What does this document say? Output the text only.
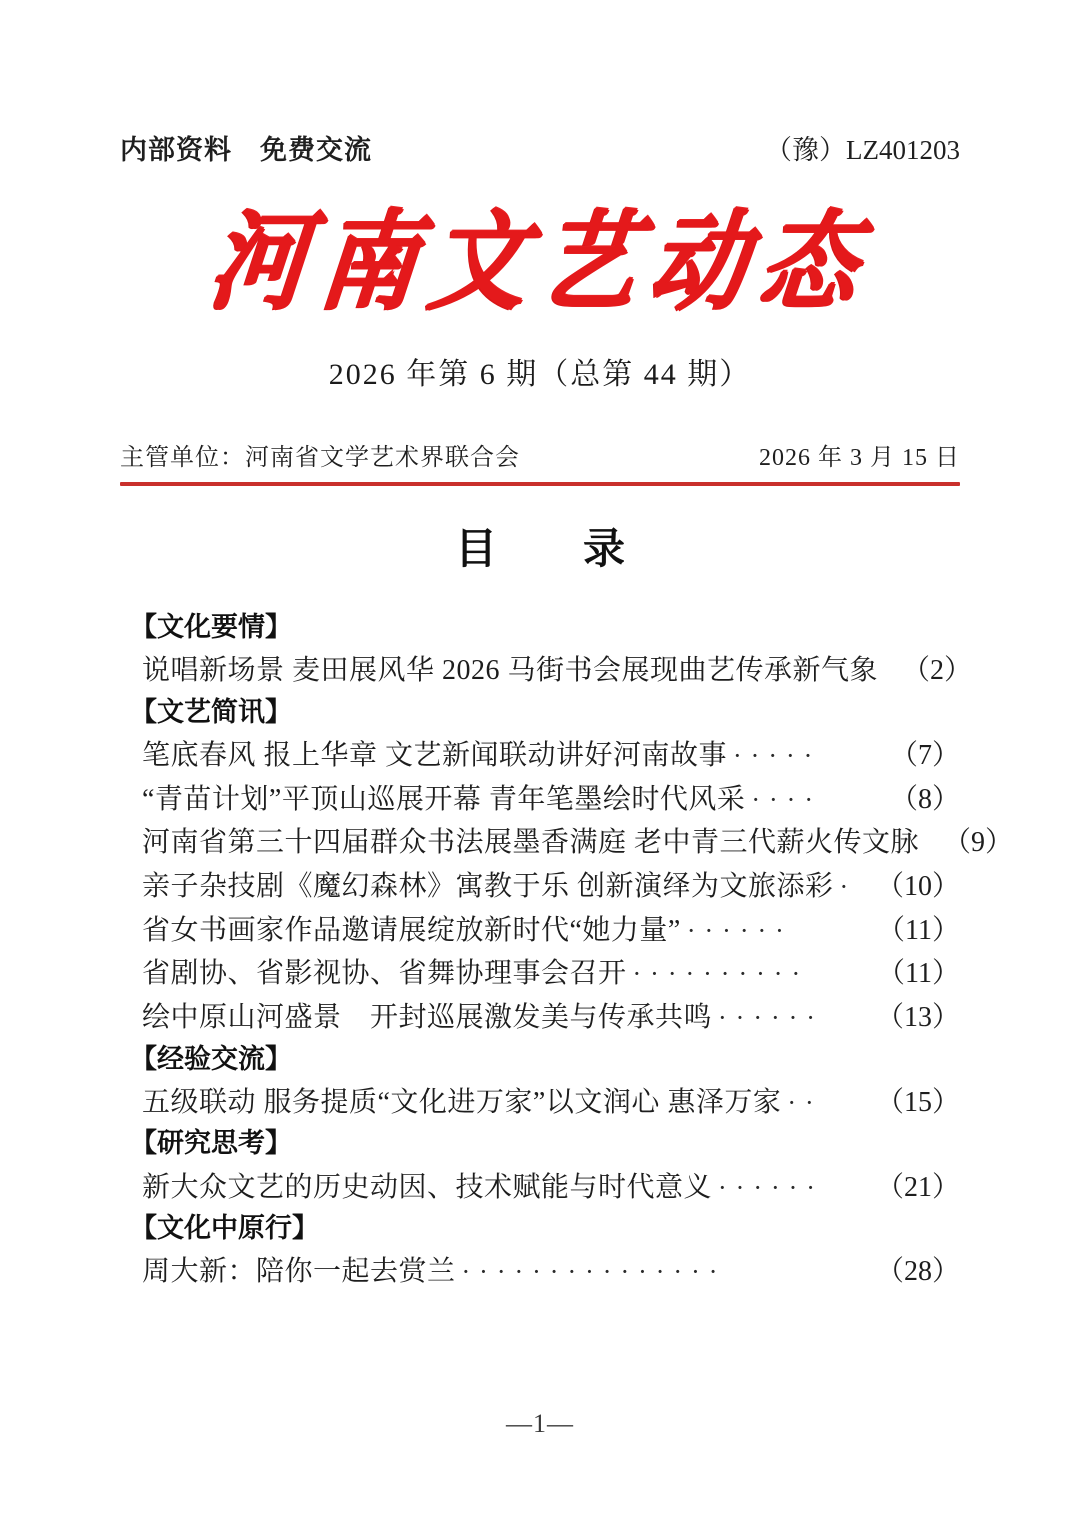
内部资料　免费交流	（豫）LZ401203
河南文艺动态
2026 年第 6 期（总第 44 期）
主管单位：河南省文学艺术界联合会	2026 年 3 月 15 日
目　录
【文化要情】
说唱新场景 麦田展风华 2026 马街书会展现曲艺传承新气象 （2）
【文艺简讯】
笔底春风 报上华章 文艺新闻联动讲好河南故事 ·····	（7）
“青苗计划”平顶山巡展开幕 青年笔墨绘时代风采 ····	（8）
河南省第三十四届群众书法展墨香满庭 老中青三代薪火传文脉 （9）
亲子杂技剧《魔幻森林》寓教于乐 创新演绎为文旅添彩 · （10）
省女书画家作品邀请展绽放新时代“她力量” ······	（11）
省剧协、省影视协、省舞协理事会召开 ··········	（11）
绘中原山河盛景　开封巡展激发美与传承共鸣 ······	（13）
【经验交流】
五级联动 服务提质“文化进万家”以文润心 惠泽万家 ··	（15）
【研究思考】
新大众文艺的历史动因、技术赋能与时代意义 ······	（21）
【文化中原行】
周大新：陪你一起去赏兰 ···············	（28）
—1—
